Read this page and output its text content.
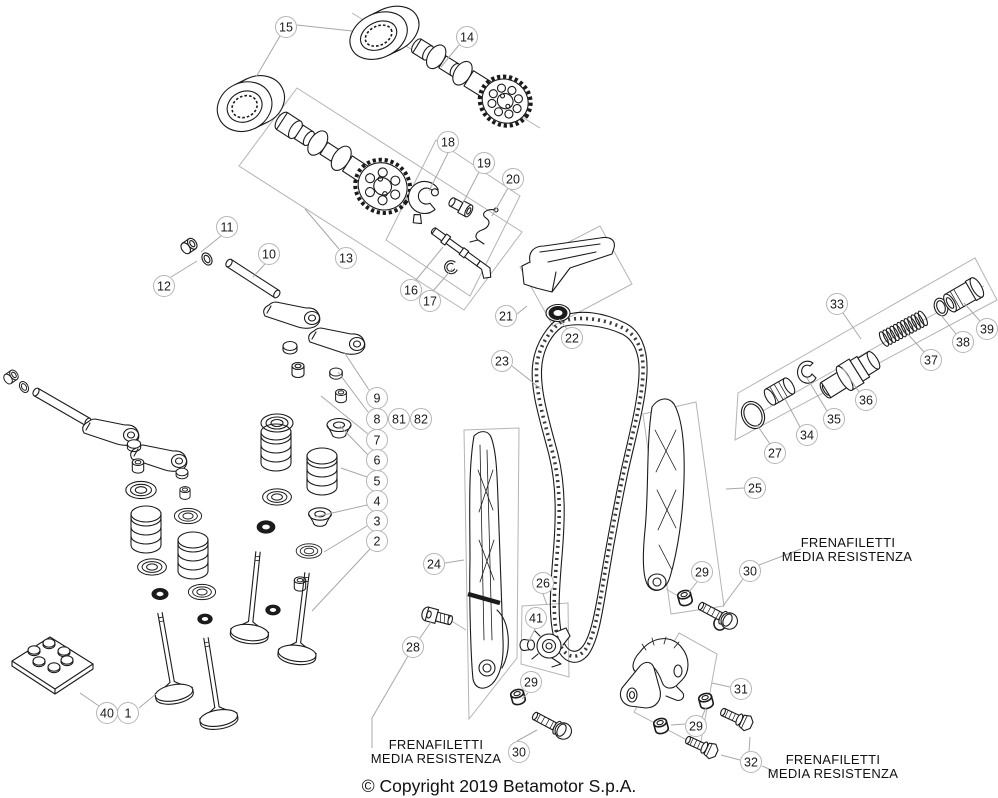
15
14
13
18
19
20
16
17
11
10
12
21
22
23
9
8 81 82
7
6
5
4
3
2
24
25
26
41
27
34
35
36
37
38
39
33
28
29
30
29	30
31
29
32
40 1
FRENAFILETTI
MEDIA RESISTENZA
FRENAFILETTI
MEDIA RESISTENZA	FRENAFILETTI
MEDIA RESISTENZA
© Copyright 2019 Betamotor S.p.A.
